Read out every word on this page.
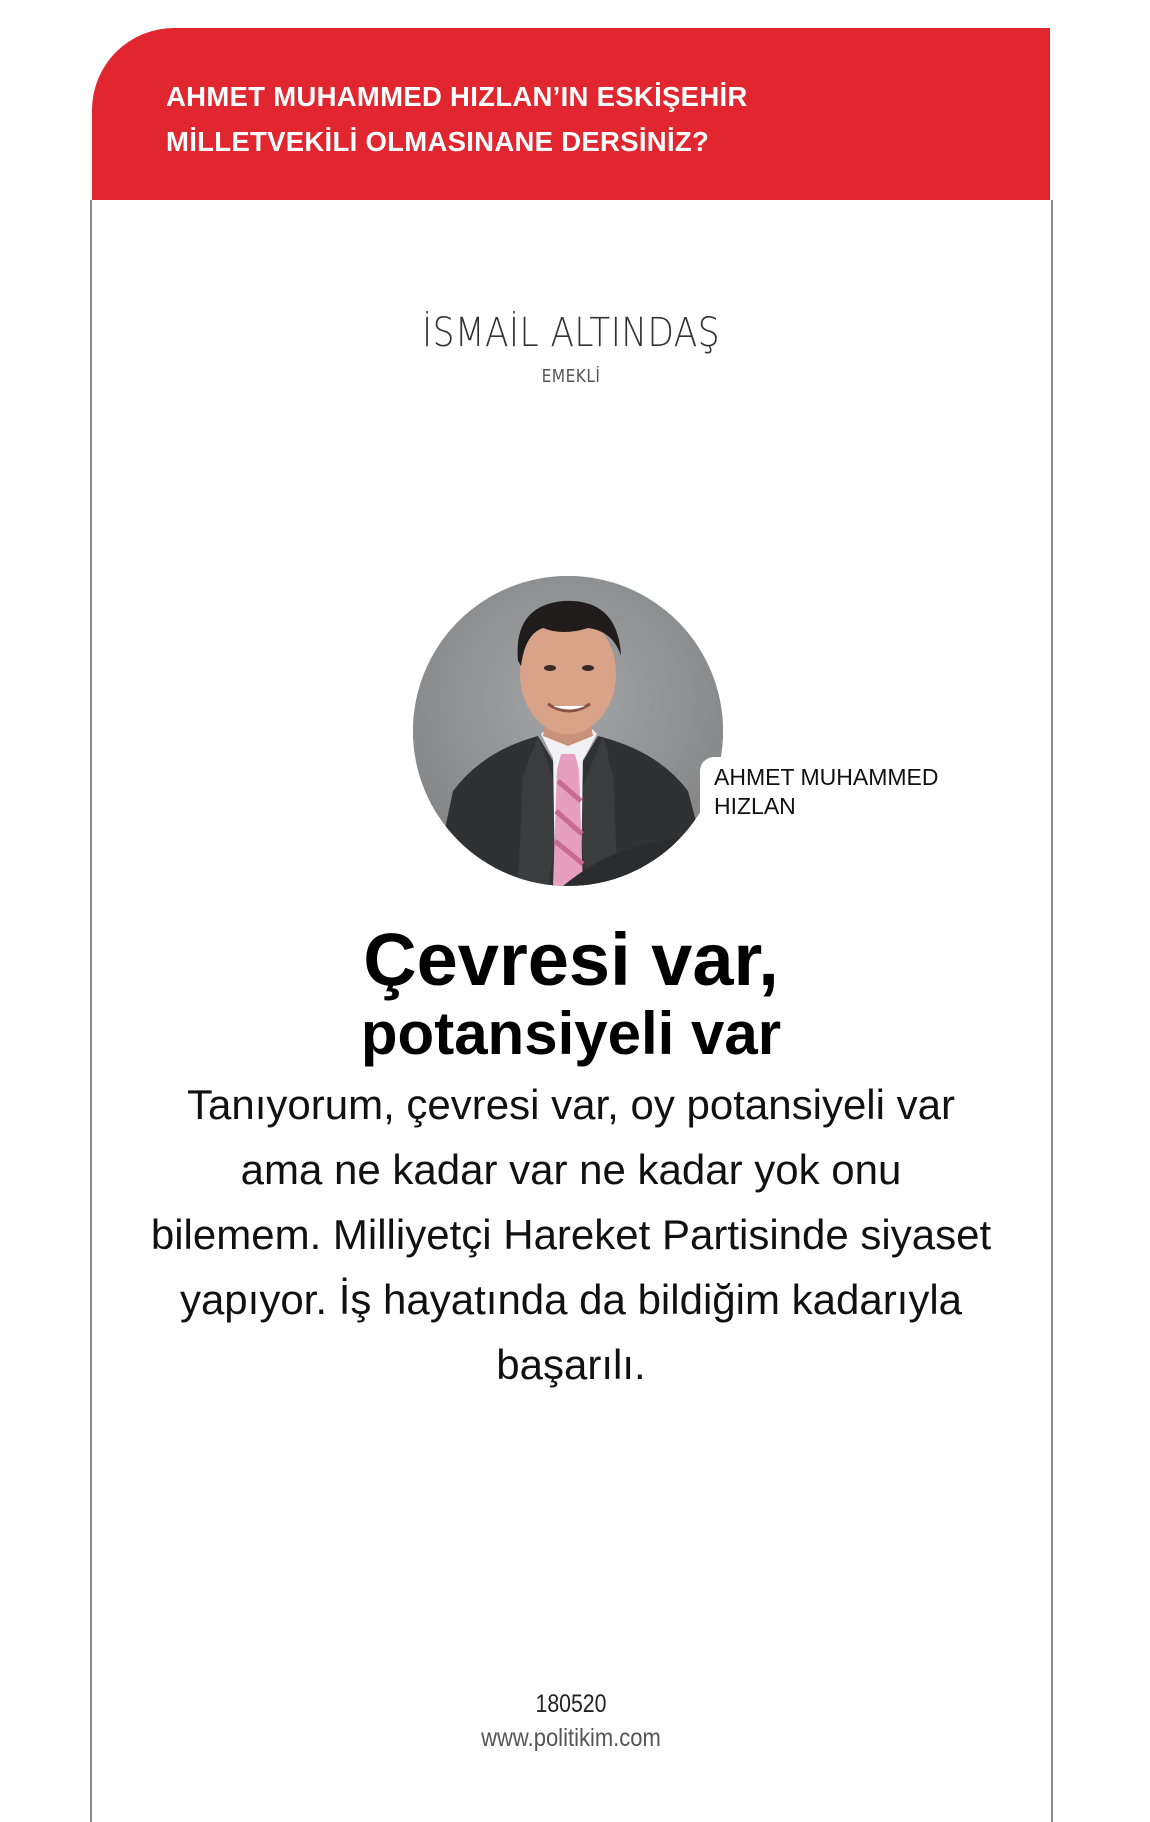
AHMET MUHAMMED HIZLAN’IN ESKİŞEHİR
MİLLETVEKİLİ OLMASINANE DERSİNİZ?
İSMAİL ALTINDAŞ
EMEKLİ
AHMET MUHAMMED
HIZLAN
Çevresi var,
potansiyeli var

Tanıyorum, çevresi var, oy potansiyeli var ama ne kadar var ne kadar yok onu bilemem. Milliyetçi Hareket Partisinde siyaset yapıyor. İş hayatında da bildiğim kadarıyla başarılı.

180520
www.politikim.com
